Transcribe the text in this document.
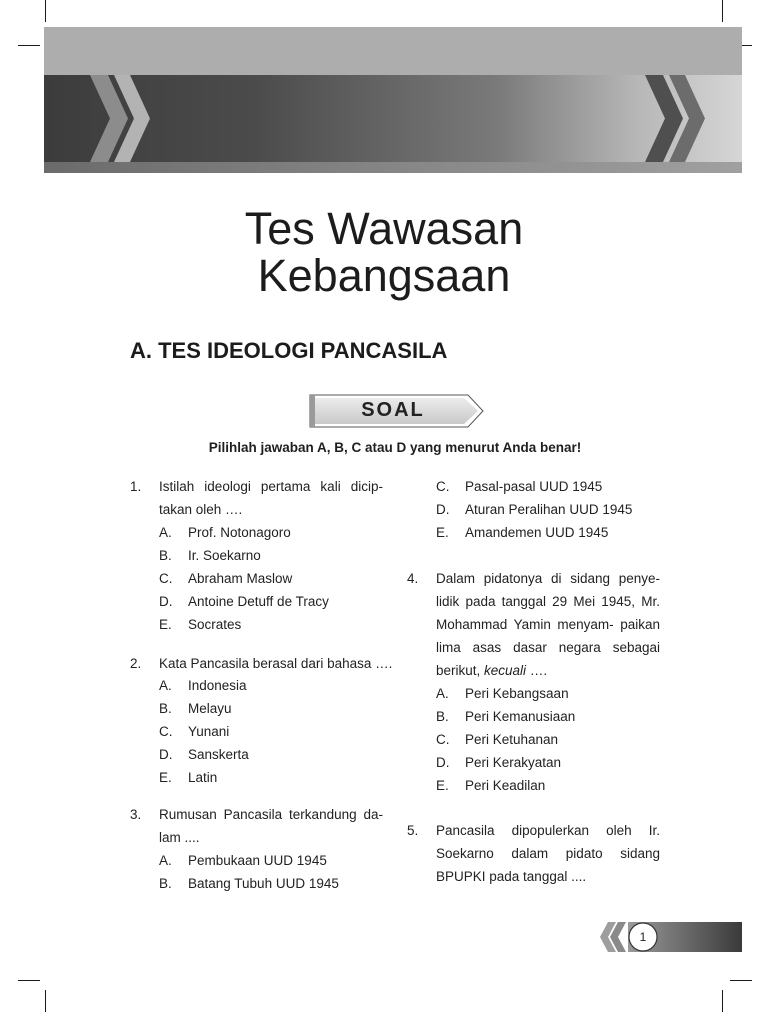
Tes Wawasan
Kebangsaan
A. TES IDEOLOGI PANCASILA
SOAL
Pilihlah jawaban A, B, C atau D yang menurut Anda benar!
1. Istilah ideologi pertama kali dicip- takan oleh ….
A. Prof. Notonagoro
B. Ir. Soekarno
C. Abraham Maslow
D. Antoine Detuff de Tracy
E. Socrates
2. Kata Pancasila berasal dari bahasa ….
A. Indonesia
B. Melayu
C. Yunani
D. Sanskerta
E. Latin
3. Rumusan Pancasila terkandung da- lam ....
A. Pembukaan UUD 1945
B. Batang Tubuh UUD 1945
C. Pasal-pasal UUD 1945
D. Aturan Peralihan UUD 1945
E. Amandemen UUD 1945
4. Dalam pidatonya di sidang penye- lidik pada tanggal 29 Mei 1945, Mr. Mohammad Yamin menyam- paikan lima asas dasar negara sebagai berikut, kecuali ….
A. Peri Kebangsaan
B. Peri Kemanusiaan
C. Peri Ketuhanan
D. Peri Kerakyatan
E. Peri Keadilan
5. Pancasila dipopulerkan oleh Ir. Soekarno dalam pidato sidang BPUPKI pada tanggal ....
1
